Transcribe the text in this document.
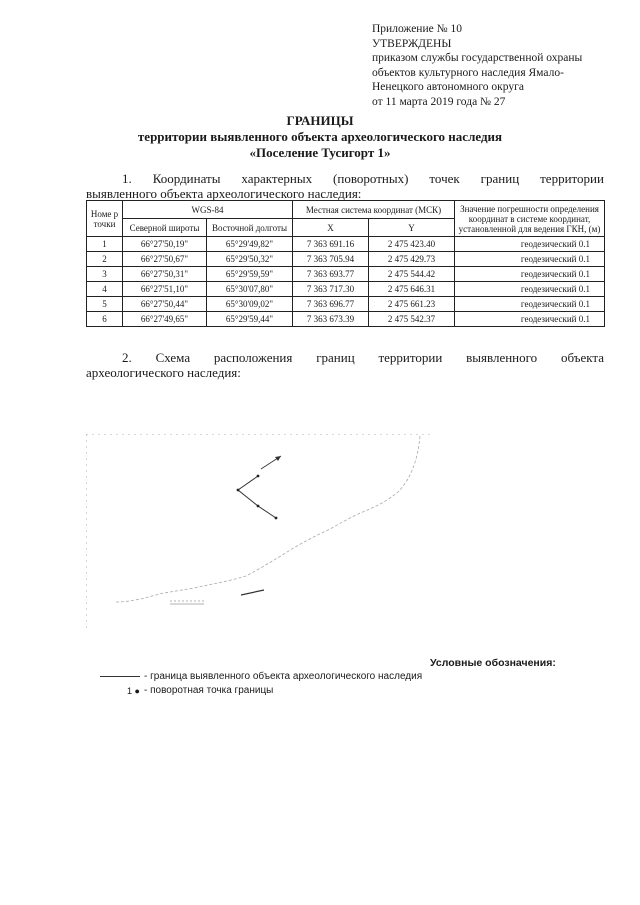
Приложение № 10
УТВЕРЖДЕНЫ
приказом службы государственной охраны
объектов культурного наследия Ямало-
Ненецкого автономного округа
от 11 марта 2019 года № 27
ГРАНИЦЫ
территории выявленного объекта археологического наследия
«Поселение Тусигорт 1»
1. Координаты характерных (поворотных) точек границ территории
выявленного объекта археологического наследия:
Номе р точки	WGS-84		Местная система координат (МСК)		Значение погрешности определения координат в системе координат, установленной для ведения ГКН, (м)
	Северной широты	Восточной долготы	X	Y	
1	66°27'50,19"	65°29'49,82"	7 363 691.16	2 475 423.40	геодезический 0.1
2	66°27'50,67"	65°29'50,32"	7 363 705.94	2 475 429.73	геодезический 0.1
3	66°27'50,31"	65°29'59,59"	7 363 693.77	2 475 544.42	геодезический 0.1
4	66°27'51,10"	65°30'07,80"	7 363 717.30	2 475 646.31	геодезический 0.1
5	66°27'50,44"	65°30'09,02"	7 363 696.77	2 475 661.23	геодезический 0.1
6	66°27'49,65"	65°29'59,44"	7 363 673.39	2 475 542.37	геодезический 0.1
2. Схема расположения границ территории выявленного объекта
археологического наследия:
Условные обозначения:
- граница выявленного объекта археологического наследия
1 ● - поворотная точка границы
